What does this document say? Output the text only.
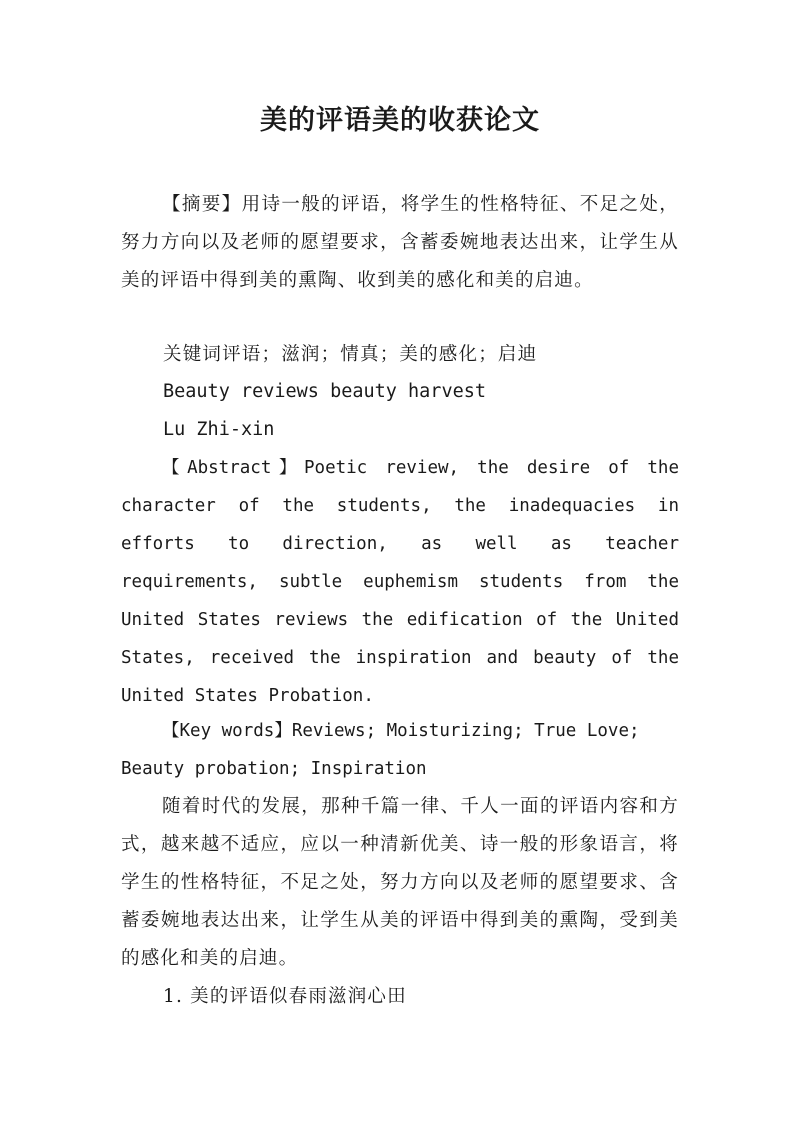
美的评语美的收获论文

【摘要】用诗一般的评语，将学生的性格特征、不足之处，努力方向以及老师的愿望要求，含蓄委婉地表达出来，让学生从美的评语中得到美的熏陶、收到美的感化和美的启迪。

关键词评语；滋润；情真；美的感化；启迪
Beauty reviews beauty harvest
Lu Zhi-xin

【Abstract】Poetic review, the desire of the character of the students, the inadequacies in efforts to direction, as well as teacher requirements, subtle euphemism students from the United States reviews the edification of the United States, received the inspiration and beauty of the United States Probation.

【Key words】Reviews; Moisturizing; True Love; Beauty probation; Inspiration

随着时代的发展，那种千篇一律、千人一面的评语内容和方式，越来越不适应，应以一种清新优美、诗一般的形象语言，将学生的性格特征，不足之处，努力方向以及老师的愿望要求、含蓄委婉地表达出来，让学生从美的评语中得到美的熏陶，受到美的感化和美的启迪。

1. 美的评语似春雨滋润心田
